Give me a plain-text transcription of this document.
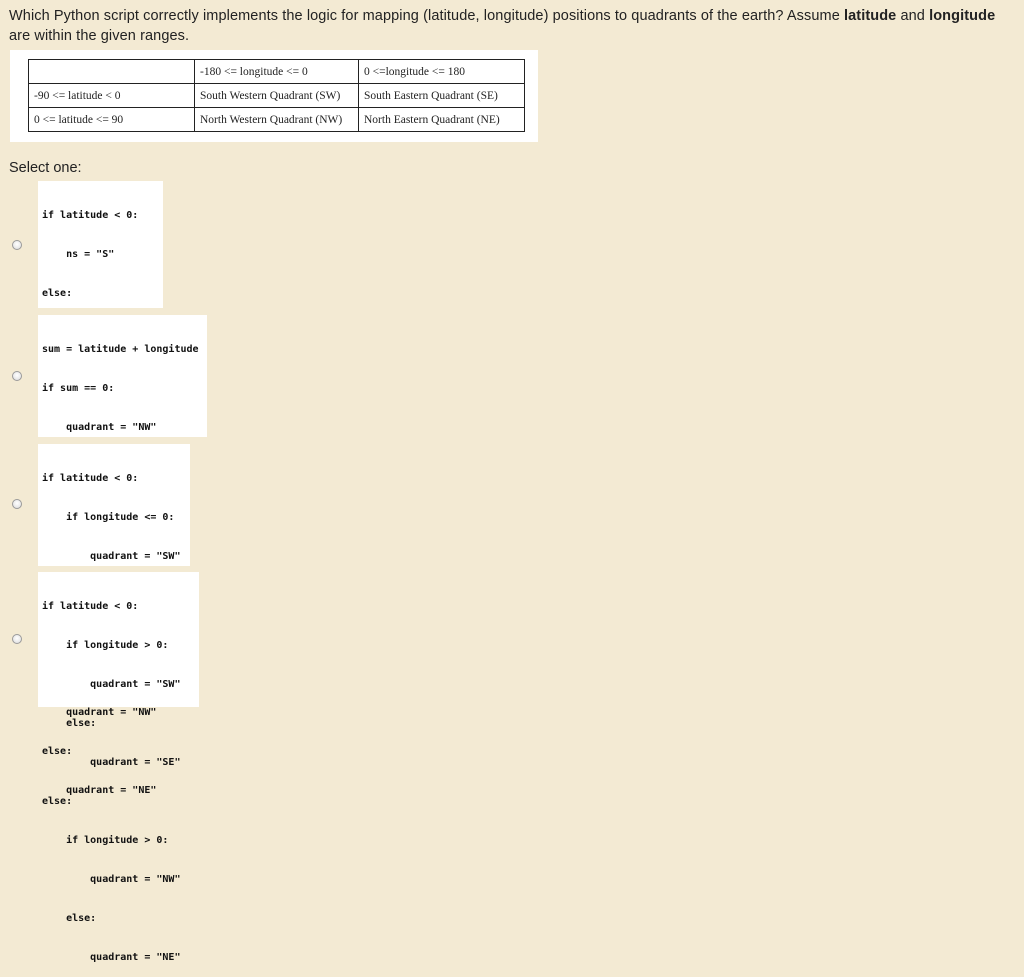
Which Python script correctly implements the logic for mapping (latitude, longitude) positions to quadrants of the earth? Assume latitude and longitude are within the given ranges.
	-180 <= longitude <= 0	0 <=longitude <= 180
-90 <= latitude < 0	South Western Quadrant (SW)	South Eastern Quadrant (SE)
0 <= latitude <= 90	North Western Quadrant (NW)	North Eastern Quadrant (NE)
Select one:

if latitude < 0:

ns = "S"

else:

sum = latitude + longitude

if sum == 0:

quadrant = "NW"

if latitude < 0:

if longitude <= 0:

quadrant = "SW"

quadrant = "NW"

else:

quadrant = "NE"

if latitude < 0:

if longitude > 0:

quadrant = "SW"

else:

quadrant = "SE"

else:

if longitude > 0:

quadrant = "NW"

else:

quadrant = "NE"
